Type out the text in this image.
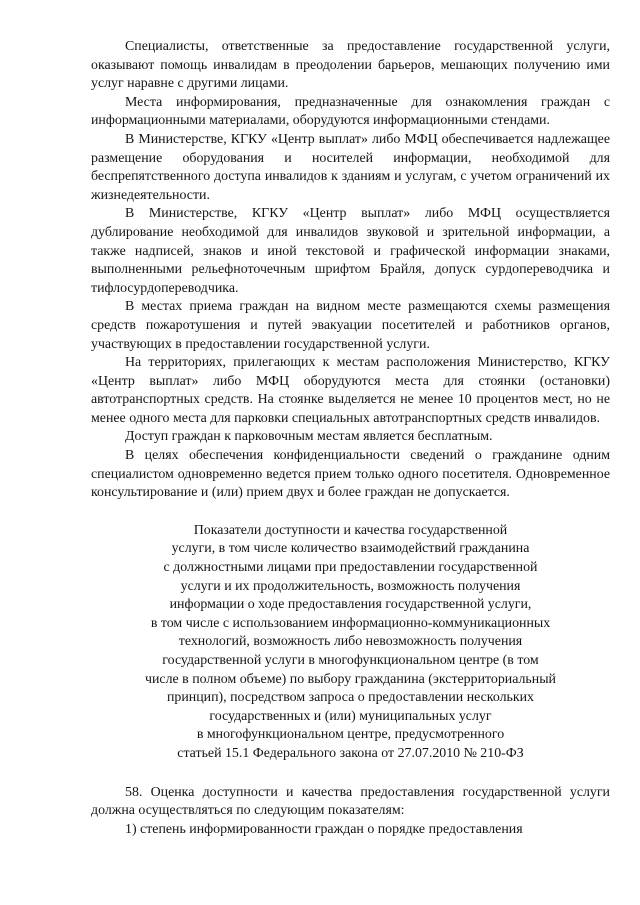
Специалисты, ответственные за предоставление государственной услуги, оказывают помощь инвалидам в преодолении барьеров, мешающих получению ими услуг наравне с другими лицами.

Места информирования, предназначенные для ознакомления граждан с информационными материалами, оборудуются информационными стендами.

В Министерстве, КГКУ «Центр выплат» либо МФЦ обеспечивается надлежащее размещение оборудования и носителей информации, необходимой для беспрепятственного доступа инвалидов к зданиям и услугам, с учетом ограничений их жизнедеятельности.

В Министерстве, КГКУ «Центр выплат» либо МФЦ осуществляется дублирование необходимой для инвалидов звуковой и зрительной информации, а также надписей, знаков и иной текстовой и графической информации знаками, выполненными рельефноточечным шрифтом Брайля, допуск сурдопереводчика и тифлосурдопереводчика.

В местах приема граждан на видном месте размещаются схемы размещения средств пожаротушения и путей эвакуации посетителей и работников органов, участвующих в предоставлении государственной услуги.

На территориях, прилегающих к местам расположения Министерство, КГКУ «Центр выплат» либо МФЦ оборудуются места для стоянки (остановки) автотранспортных средств. На стоянке выделяется не менее 10 процентов мест, но не менее одного места для парковки специальных автотранспортных средств инвалидов.

Доступ граждан к парковочным местам является бесплатным.

В целях обеспечения конфиденциальности сведений о гражданине одним специалистом одновременно ведется прием только одного посетителя. Одновременное консультирование и (или) прием двух и более граждан не допускается.

Показатели доступности и качества государственной
услуги, в том числе количество взаимодействий гражданина
с должностными лицами при предоставлении государственной
услуги и их продолжительность, возможность получения
информации о ходе предоставления государственной услуги,
в том числе с использованием информационно-коммуникационных
технологий, возможность либо невозможность получения
государственной услуги в многофункциональном центре (в том
числе в полном объеме) по выбору гражданина (экстерриториальный
принцип), посредством запроса о предоставлении нескольких
государственных и (или) муниципальных услуг
в многофункциональном центре, предусмотренного
статьей 15.1 Федерального закона от 27.07.2010 № 210-ФЗ

58. Оценка доступности и качества предоставления государственной услуги должна осуществляться по следующим показателям:

1) степень информированности граждан о порядке предоставления
